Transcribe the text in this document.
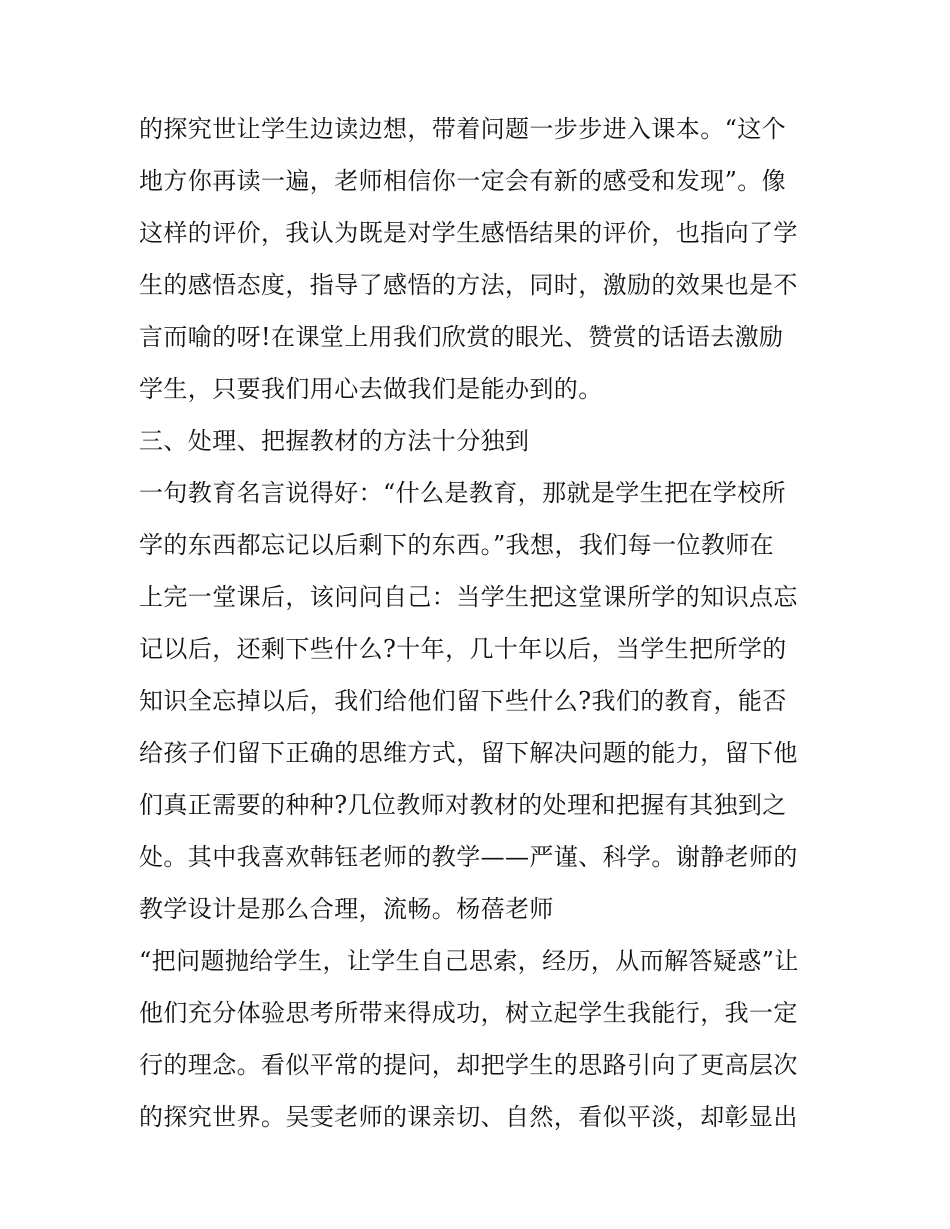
的探究世让学生边读边想，带着问题一步步进入课本。“这个
地方你再读一遍，老师相信你一定会有新的感受和发现”。像
这样的评价，我认为既是对学生感悟结果的评价，也指向了学
生的感悟态度，指导了感悟的方法，同时，激励的效果也是不
言而喻的呀!在课堂上用我们欣赏的眼光、赞赏的话语去激励
学生，只要我们用心去做我们是能办到的。
三、处理、把握教材的方法十分独到
一句教育名言说得好：“什么是教育，那就是学生把在学校所
学的东西都忘记以后剩下的东西。”我想，我们每一位教师在
上完一堂课后，该问问自己：当学生把这堂课所学的知识点忘
记以后，还剩下些什么?十年，几十年以后，当学生把所学的
知识全忘掉以后，我们给他们留下些什么?我们的教育，能否
给孩子们留下正确的思维方式，留下解决问题的能力，留下他
们真正需要的种种?几位教师对教材的处理和把握有其独到之
处。其中我喜欢韩钰老师的教学——严谨、科学。谢静老师的
教学设计是那么合理，流畅。杨蓓老师
“把问题抛给学生，让学生自己思索，经历，从而解答疑惑”让
他们充分体验思考所带来得成功，树立起学生我能行，我一定
行的理念。看似平常的提问，却把学生的思路引向了更高层次
的探究世界。吴雯老师的课亲切、自然，看似平淡，却彰显出
